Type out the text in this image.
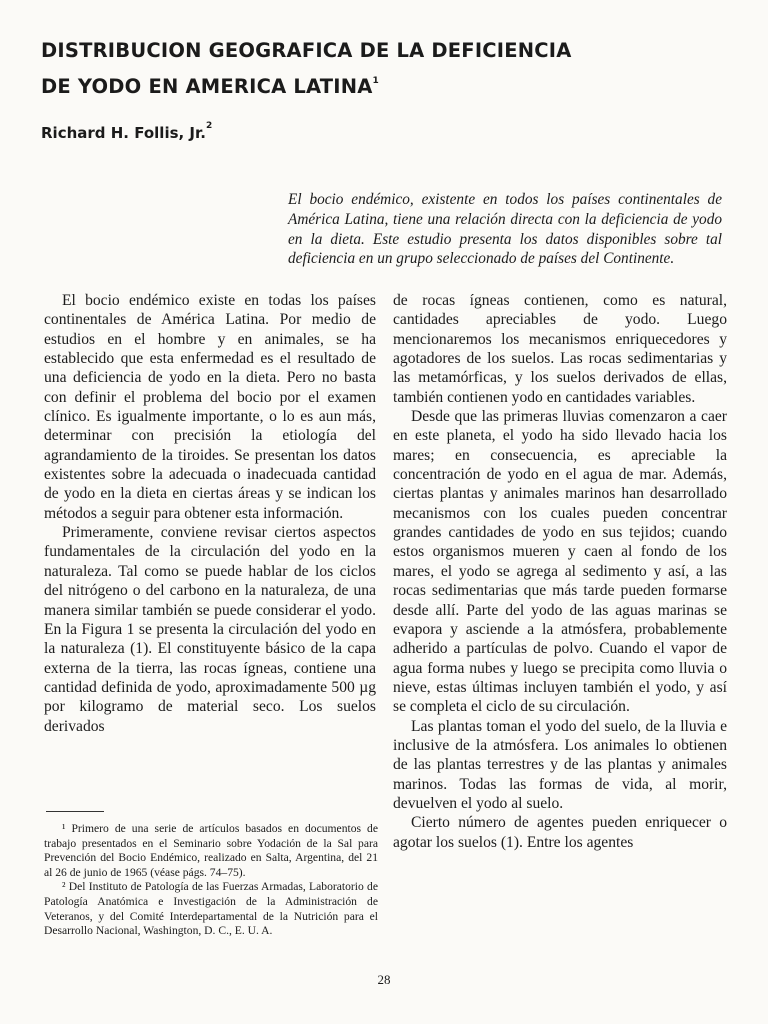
DISTRIBUCION GEOGRAFICA DE LA DEFICIENCIA
DE YODO EN AMERICA LATINA$^1$

Richard H. Follis, Jr.$^2$

El bocio endémico, existente en todos los países continentales de América Latina, tiene una relación directa con la deficiencia de yodo en la dieta. Este estudio presenta los datos disponibles sobre tal deficiencia en un grupo seleccionado de países del Continente.

El bocio endémico existe en todas los países continentales de América Latina. Por medio de estudios en el hombre y en animales, se ha establecido que esta enfermedad es el resultado de una deficiencia de yodo en la dieta. Pero no basta con definir el problema del bocio por el examen clínico. Es igualmente importante, o lo es aun más, determinar con precisión la etiología del agrandamiento de la tiroides. Se presentan los datos existentes sobre la adecuada o inadecuada cantidad de yodo en la dieta en ciertas áreas y se indican los métodos a seguir para obtener esta información.

Primeramente, conviene revisar ciertos aspectos fundamentales de la circulación del yodo en la naturaleza. Tal como se puede hablar de los ciclos del nitrógeno o del carbono en la naturaleza, de una manera similar también se puede considerar el yodo. En la Figura 1 se presenta la circulación del yodo en la naturaleza (1). El constituyente básico de la capa externa de la tierra, las rocas ígneas, contiene una cantidad definida de yodo, aproximadamente 500 µg por kilogramo de material seco. Los suelos derivados

de rocas ígneas contienen, como es natural, cantidades apreciables de yodo. Luego mencionaremos los mecanismos enriquecedores y agotadores de los suelos. Las rocas sedimentarias y las metamórficas, y los suelos derivados de ellas, también contienen yodo en cantidades variables.

Desde que las primeras lluvias comenzaron a caer en este planeta, el yodo ha sido llevado hacia los mares; en consecuencia, es apreciable la concentración de yodo en el agua de mar. Además, ciertas plantas y animales marinos han desarrollado mecanismos con los cuales pueden concentrar grandes cantidades de yodo en sus tejidos; cuando estos organismos mueren y caen al fondo de los mares, el yodo se agrega al sedimento y así, a las rocas sedimentarias que más tarde pueden formarse desde allí. Parte del yodo de las aguas marinas se evapora y asciende a la atmósfera, probablemente adherido a partículas de polvo. Cuando el vapor de agua forma nubes y luego se precipita como lluvia o nieve, estas últimas incluyen también el yodo, y así se completa el ciclo de su circulación.

Las plantas toman el yodo del suelo, de la lluvia e inclusive de la atmósfera. Los animales lo obtienen de las plantas terrestres y de las plantas y animales marinos. Todas las formas de vida, al morir, devuelven el yodo al suelo.

Cierto número de agentes pueden enriquecer o agotar los suelos (1). Entre los agentes

¹ Primero de una serie de artículos basados en documentos de trabajo presentados en el Seminario sobre Yodación de la Sal para Prevención del Bocio Endémico, realizado en Salta, Argentina, del 21 al 26 de junio de 1965 (véase págs. 74–75).

² Del Instituto de Patología de las Fuerzas Armadas, Laboratorio de Patología Anatómica e Investigación de la Administración de Veteranos, y del Comité Interdepartamental de la Nutrición para el Desarrollo Nacional, Washington, D. C., E. U. A.

28
